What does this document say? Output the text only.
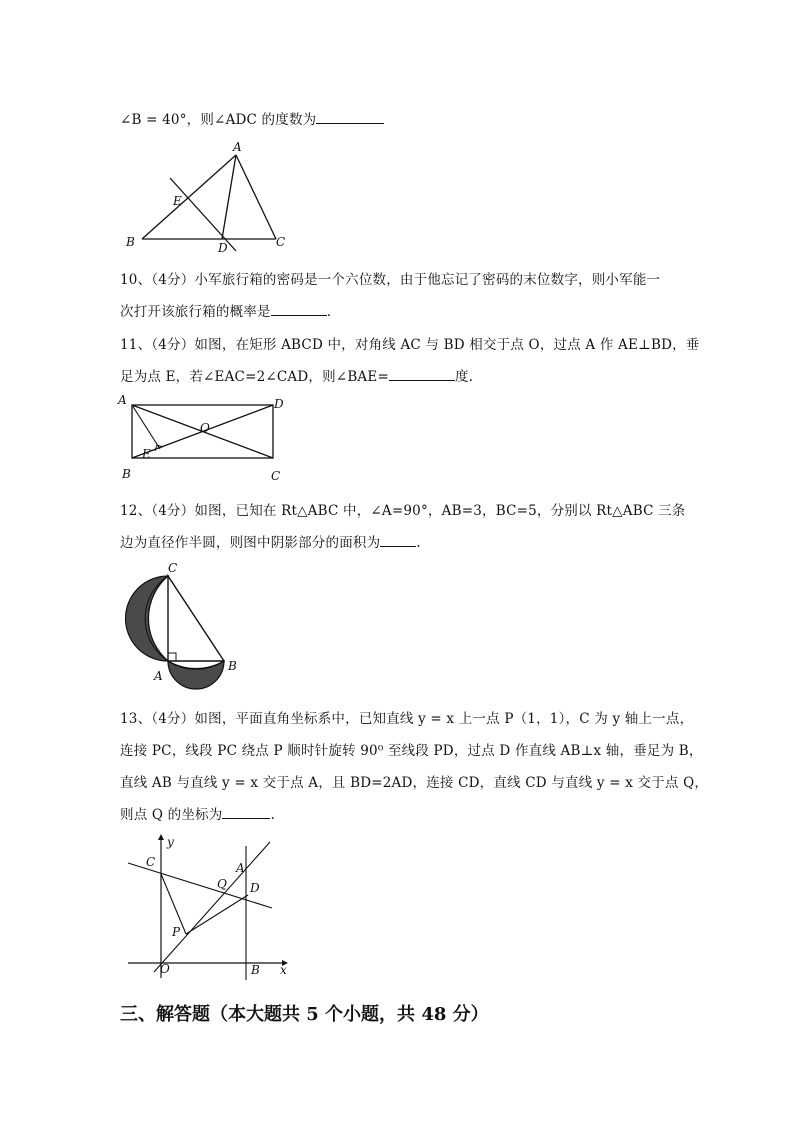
∠B = 40°，则∠ADC 的度数为
A
E
B	D	C
10、（4分）小军旅行箱的密码是一个六位数，由于他忘记了密码的末位数字，则小军能一
次打开该旅行箱的概率是	.
11、（4分）如图，在矩形 ABCD 中，对角线 AC 与 BD 相交于点 O，过点 A 作 AE⊥BD，垂
足为点 E，若∠EAC=2∠CAD，则∠BAE=	度.
A	D
O
E
B	C
12、（4分）如图，已知在 Rt△ABC 中，∠A=90°，AB=3，BC=5，分别以 Rt△ABC 三条
边为直径作半圆，则图中阴影部分的面积为	.
C
A
B
13、（4分）如图，平面直角坐标系中，已知直线 y = x 上一点 P（1，1），C 为 y 轴上一点，
连接 PC，线段 PC 绕点 P 顺时针旋转 90⁰ 至线段 PD，过点 D 作直线 AB⊥x 轴，垂足为 B，
直线 AB 与直线 y = x 交于点 A，且 BD=2AD，连接 CD，直线 CD 与直线 y = x 交于点 Q，
则点 Q 的坐标为	.
y
C	A
Q D
P
O	B x
三、解答题（本大题共 5 个小题，共 48 分）
